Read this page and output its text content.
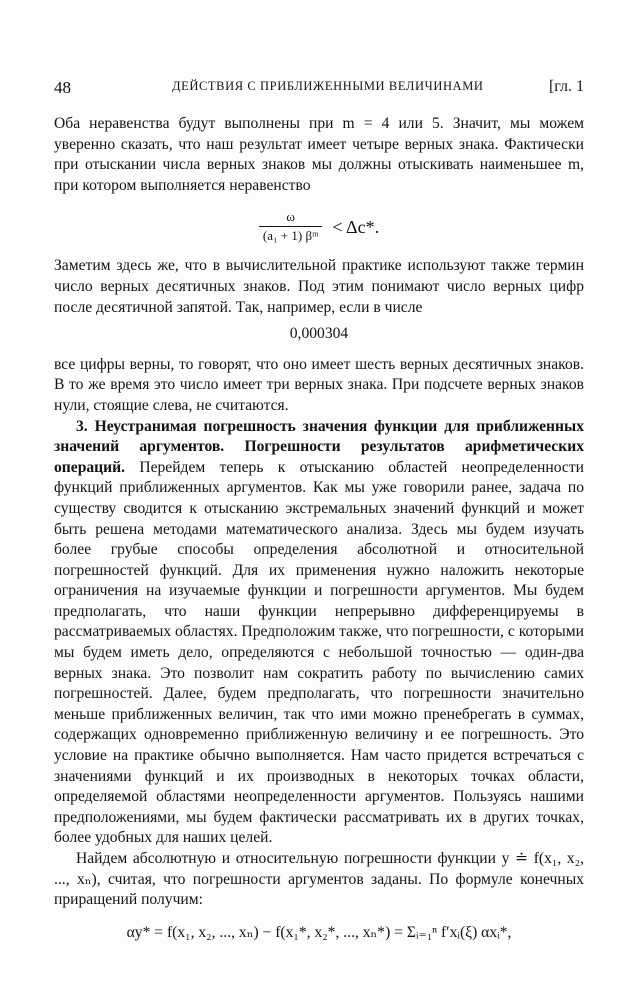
48	ДЕЙСТВИЯ С ПРИБЛИЖЕННЫМИ ВЕЛИЧИНАМИ	[гл. 1

Оба неравенства будут выполнены при m = 4 или 5. Значит, мы можем уверенно сказать, что наш результат имеет четыре верных знака. Фактически при отыскании числа верных знаков мы должны отыскивать наименьшее m, при котором выполняется неравенство

$\frac{\omega}{\text{(a₁ + 1) βᵐ}} < \Delta c*$.

Заметим здесь же, что в вычислительной практике используют также термин число верных десятичных знаков. Под этим понимают число верных цифр после десятичной запятой. Так, например, если в числе

0,000304

все цифры верны, то говорят, что оно имеет шесть верных десятичных знаков. В то же время это число имеет три верных знака. При подсчете верных знаков нули, стоящие слева, не считаются.

3. Неустранимая погрешность значения функции для приближенных значений аргументов. Погрешности результатов арифметических операций. Перейдем теперь к отысканию областей неопределенности функций приближенных аргументов. Как мы уже говорили ранее, задача по существу сводится к отысканию экстремальных значений функций и может быть решена методами математического анализа. Здесь мы будем изучать более грубые способы определения абсолютной и относительной погрешностей функций. Для их применения нужно наложить некоторые ограничения на изучаемые функции и погрешности аргументов. Мы будем предполагать, что наши функции непрерывно дифференцируемы в рассматриваемых областях. Предположим также, что погрешности, с которыми мы будем иметь дело, определяются с небольшой точностью — один-два верных знака. Это позволит нам сократить работу по вычислению самих погрешностей. Далее, будем предполагать, что погрешности значительно меньше приближенных величин, так что ими можно пренебрегать в суммах, содержащих одновременно приближенную величину и ее погрешность. Это условие на практике обычно выполняется. Нам часто придется встречаться с значениями функций и их производных в некоторых точках области, определяемой областями неопределенности аргументов. Пользуясь нашими предположениями, мы будем фактически рассматривать их в других точках, более удобных для наших целей.

Найдем абсолютную и относительную погрешности функции y ≐ f(x₁, x₂, ..., xₙ), считая, что погрешности аргументов заданы. По формуле конечных приращений получим:

αy* = f(x₁, x₂, ..., xₙ) − f(x₁*, x₂*, ..., xₙ*) = Σᵢ₌₁ⁿ f′xᵢ(ξ) αxᵢ*,
